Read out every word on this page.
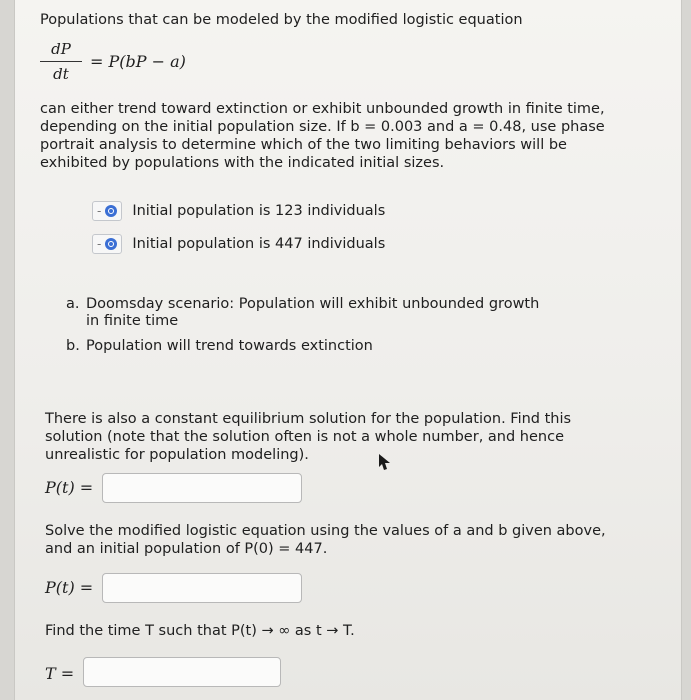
Populations that can be modeled by the modified logistic equation
dP
dt
= P(bP − a)
can either trend toward extinction or exhibit unbounded growth in finite time, depending on the initial population size. If b = 0.003 and a = 0.48, use phase portrait analysis to determine which of the two limiting behaviors will be exhibited by populations with the indicated initial sizes.
- Initial population is 123 individuals
- Initial population is 447 individuals
a. Doomsday scenario: Population will exhibit unbounded growth in finite time
b. Population will trend towards extinction
There is also a constant equilibrium solution for the population. Find this solution (note that the solution often is not a whole number, and hence unrealistic for population modeling).
P(t) =
Solve the modified logistic equation using the values of a and b given above, and an initial population of P(0) = 447.
P(t) =
Find the time T such that P(t) → ∞ as t → T.
T =
